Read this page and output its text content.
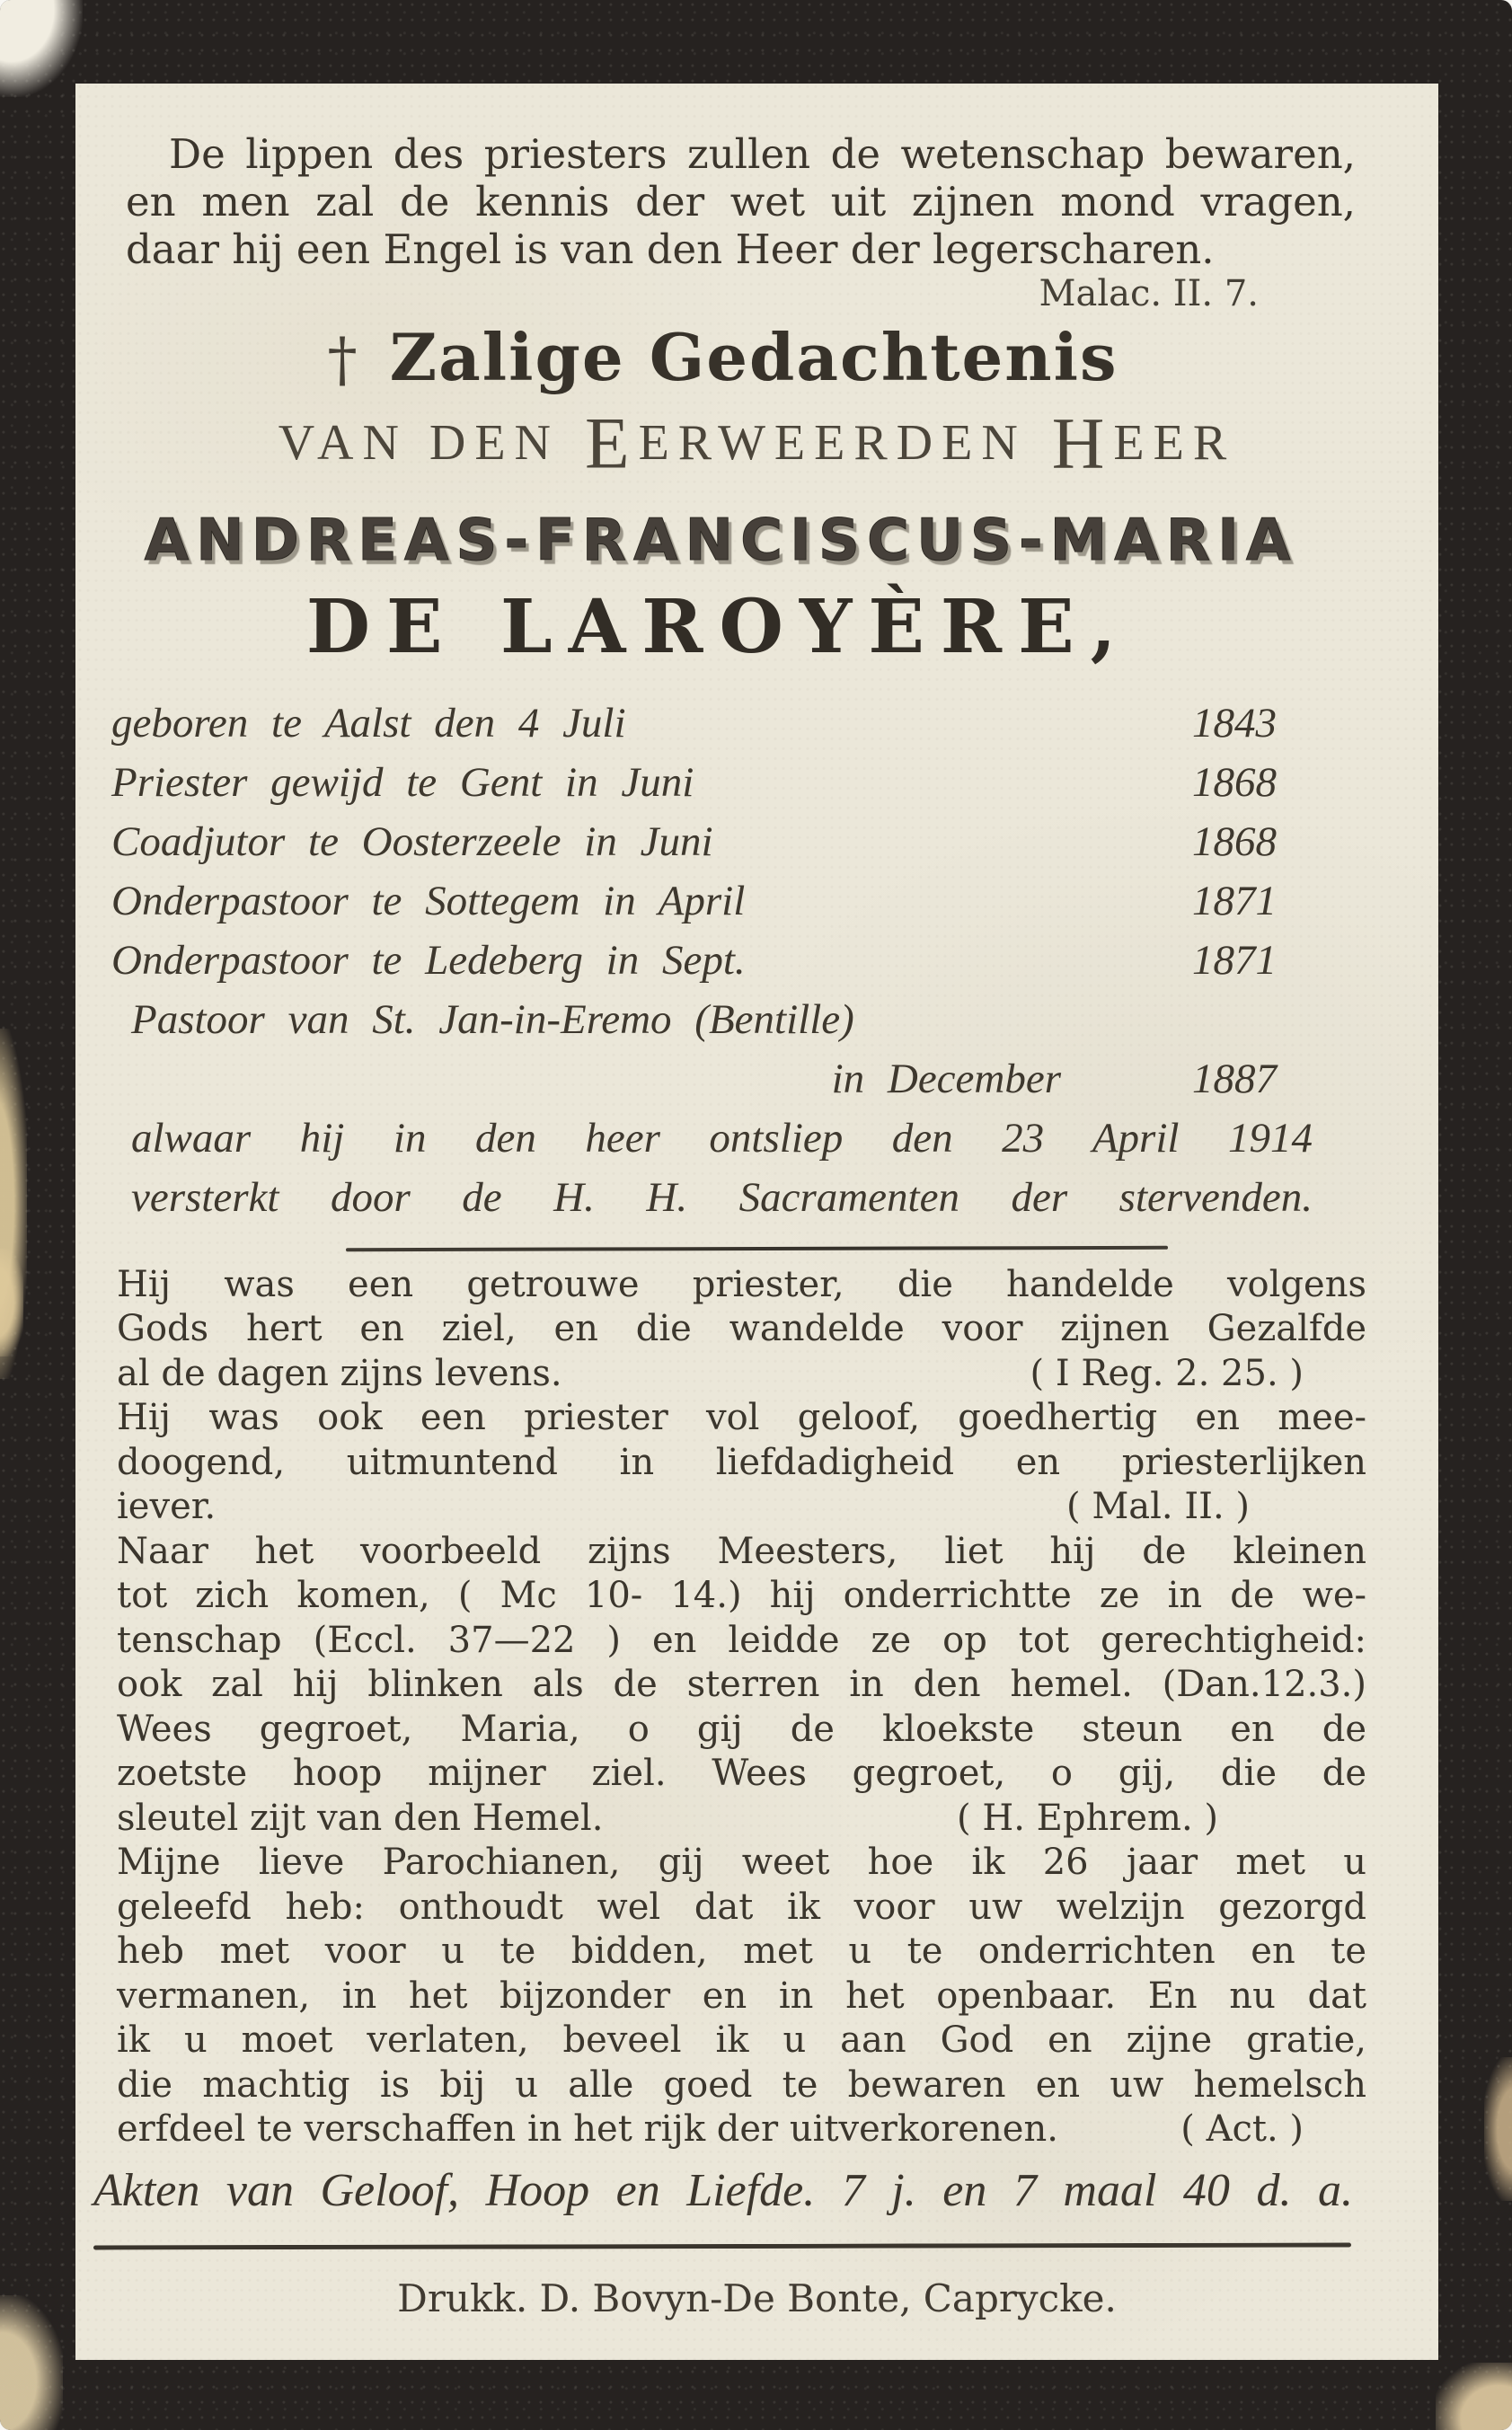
De lippen des priesters zullen de wetenschap bewaren,
en men zal de kennis der wet uit zijnen mond vragen,
daar hij een Engel is van den Heer der legerscharen.
Malac. II. 7.
† Zalige Gedachtenis
VAN DEN EERWEERDEN HEER
ANDREAS-FRANCISCUS-MARIA
DE LAROYÈRE,
geboren te Aalst den 4 Juli	1843
Priester gewijd te Gent in Juni	1868
Coadjutor te Oosterzeele in Juni	1868
Onderpastoor te Sottegem in April	1871
Onderpastoor te Ledeberg in Sept.	1871
Pastoor van St. Jan-in-Eremo (Bentille)
in December	1887
alwaar hij in den heer ontsliep den 23 April 1914
versterkt door de H. H. Sacramenten der stervenden.
Hij was een getrouwe priester, die handelde volgens
Gods hert en ziel, en die wandelde voor zijnen Gezalfde
al de dagen zijns levens.	( I Reg. 2. 25. )
Hij was ook een priester vol geloof, goedhertig en mee-
doogend, uitmuntend in liefdadigheid en priesterlijken
iever.	( Mal. II. )
Naar het voorbeeld zijns Meesters, liet hij de kleinen
tot zich komen, ( Mc 10- 14.) hij onderrichtte ze in de we-
tenschap (Eccl. 37—22 ) en leidde ze op tot gerechtigheid:
ook zal hij blinken als de sterren in den hemel. (Dan.12.3.)
Wees gegroet, Maria, o gij de kloekste steun en de
zoetste hoop mijner ziel. Wees gegroet, o gij, die de
sleutel zijt van den Hemel.	( H. Ephrem. )
Mijne lieve Parochianen, gij weet hoe ik 26 jaar met u
geleefd heb: onthoudt wel dat ik voor uw welzijn gezorgd
heb met voor u te bidden, met u te onderrichten en te
vermanen, in het bijzonder en in het openbaar. En nu dat
ik u moet verlaten, beveel ik u aan God en zijne gratie,
die machtig is bij u alle goed te bewaren en uw hemelsch
erfdeel te verschaffen in het rijk der uitverkorenen.	( Act. )
Akten van Geloof, Hoop en Liefde. 7 j. en 7 maal 40 d. a.
Drukk. D. Bovyn-De Bonte, Caprycke.
